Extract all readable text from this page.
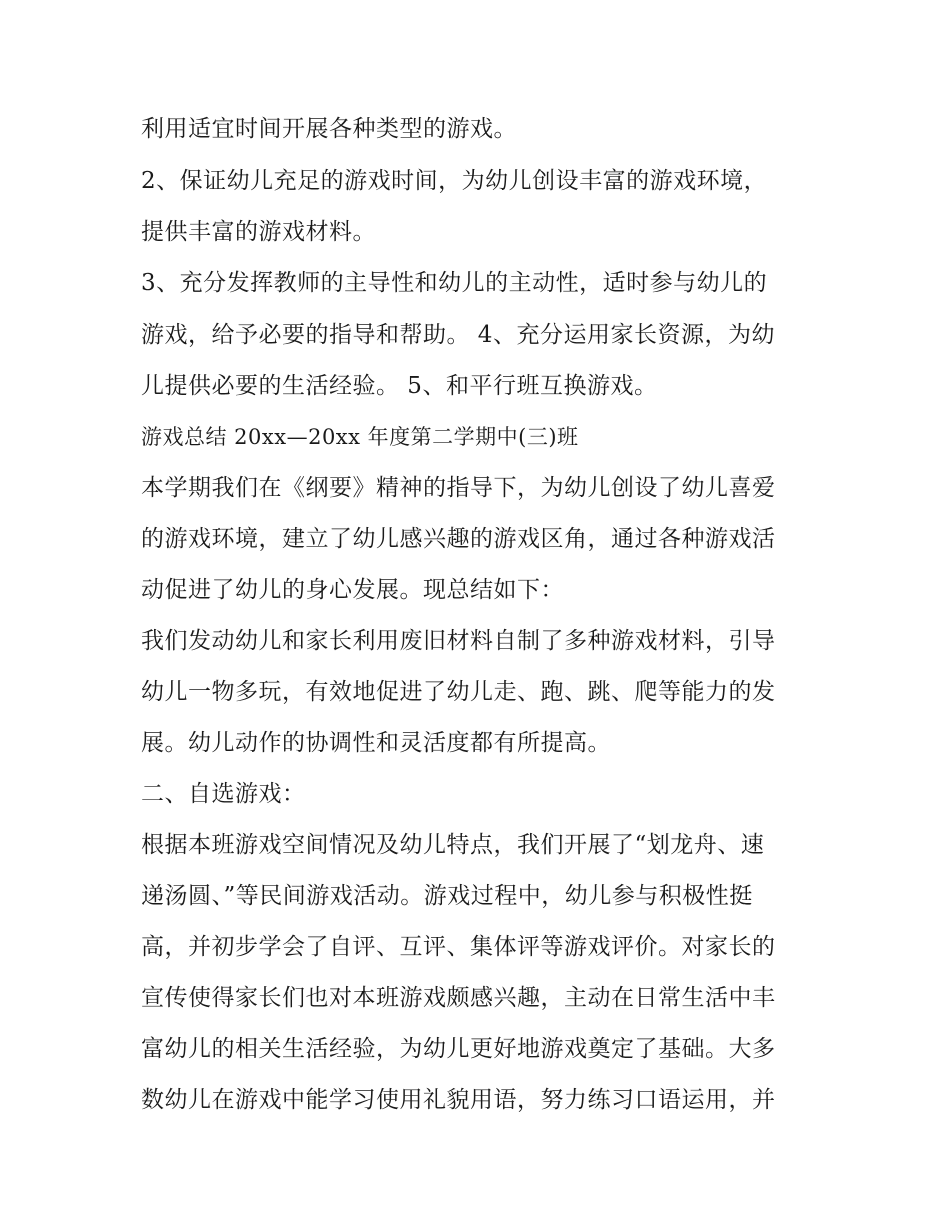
利用适宜时间开展各种类型的游戏。
2、保证幼儿充足的游戏时间，为幼儿创设丰富的游戏环境，
提供丰富的游戏材料。
3、充分发挥教师的主导性和幼儿的主动性，适时参与幼儿的
游戏，给予必要的指导和帮助。 4、充分运用家长资源，为幼
儿提供必要的生活经验。 5、和平行班互换游戏。
游戏总结 20xx—20xx 年度第二学期中(三)班
本学期我们在《纲要》精神的指导下，为幼儿创设了幼儿喜爱
的游戏环境，建立了幼儿感兴趣的游戏区角，通过各种游戏活
动促进了幼儿的身心发展。现总结如下：
我们发动幼儿和家长利用废旧材料自制了多种游戏材料，引导
幼儿一物多玩，有效地促进了幼儿走、跑、跳、爬等能力的发
展。幼儿动作的协调性和灵活度都有所提高。
二、自选游戏：
根据本班游戏空间情况及幼儿特点，我们开展了“划龙舟、速
递汤圆、”等民间游戏活动。游戏过程中，幼儿参与积极性挺
高，并初步学会了自评、互评、集体评等游戏评价。对家长的
宣传使得家长们也对本班游戏颇感兴趣，主动在日常生活中丰
富幼儿的相关生活经验，为幼儿更好地游戏奠定了基础。大多
数幼儿在游戏中能学习使用礼貌用语，努力练习口语运用，并
